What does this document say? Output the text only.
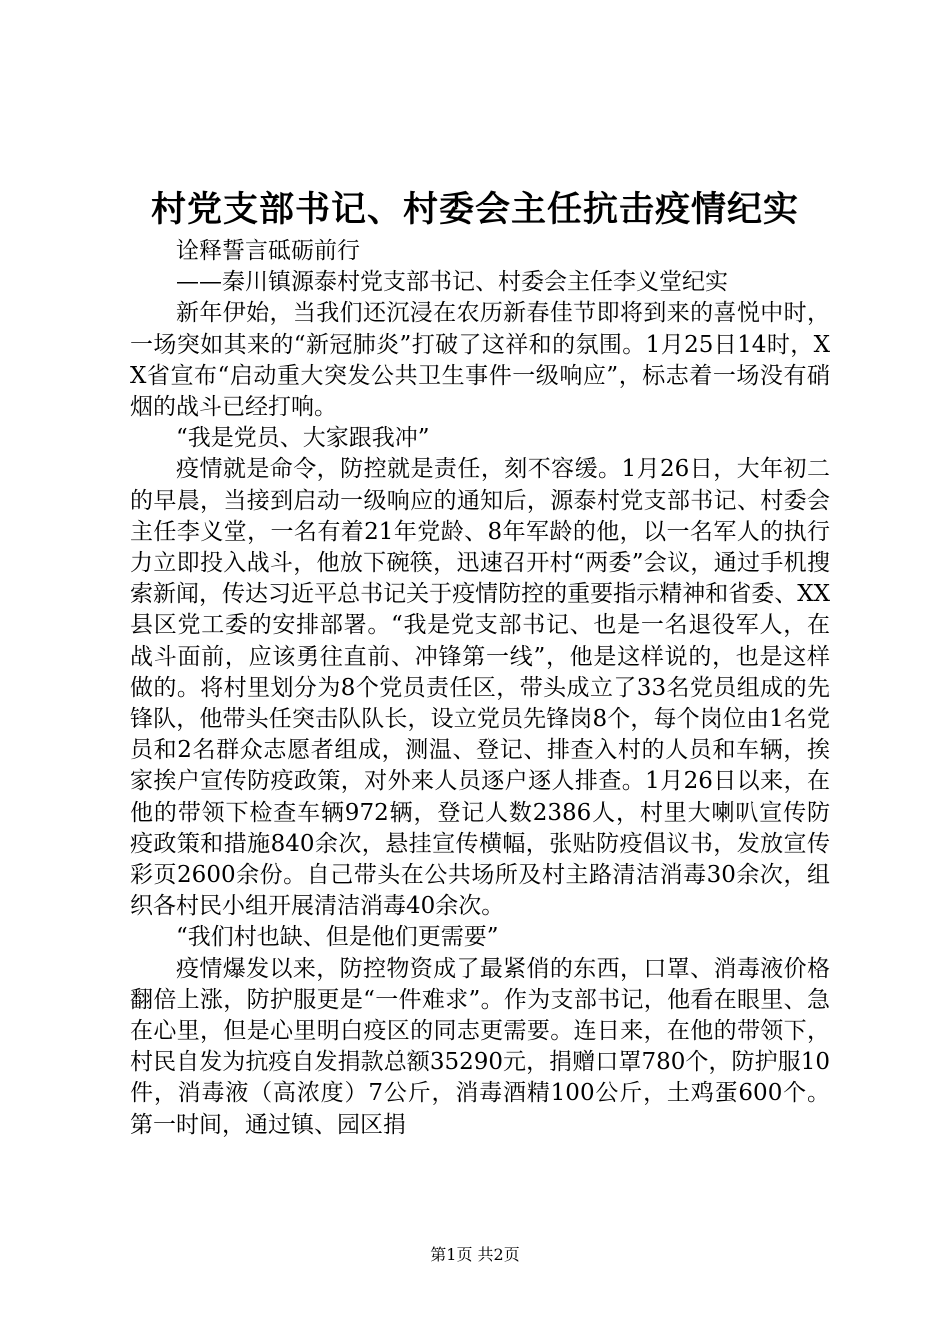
村党支部书记、村委会主任抗击疫情纪实

诠释誓言砥砺前行

——秦川镇源泰村党支部书记、村委会主任李义堂纪实

新年伊始，当我们还沉浸在农历新春佳节即将到来的喜悦中时，一场突如其来的“新冠肺炎”打破了这祥和的氛围。1月25日14时，XX省宣布“启动重大突发公共卫生事件一级响应”，标志着一场没有硝烟的战斗已经打响。

“我是党员、大家跟我冲”

疫情就是命令，防控就是责任，刻不容缓。1月26日，大年初二的早晨，当接到启动一级响应的通知后，源泰村党支部书记、村委会主任李义堂，一名有着21年党龄、8年军龄的他，以一名军人的执行力立即投入战斗，他放下碗筷，迅速召开村“两委”会议，通过手机搜索新闻，传达习近平总书记关于疫情防控的重要指示精神和省委、XX县区党工委的安排部署。“我是党支部书记、也是一名退役军人，在战斗面前，应该勇往直前、冲锋第一线”，他是这样说的，也是这样做的。将村里划分为8个党员责任区，带头成立了33名党员组成的先锋队，他带头任突击队队长，设立党员先锋岗8个，每个岗位由1名党员和2名群众志愿者组成，测温、登记、排查入村的人员和车辆，挨家挨户宣传防疫政策，对外来人员逐户逐人排查。1月26日以来，在他的带领下检查车辆972辆，登记人数2386人，村里大喇叭宣传防疫政策和措施840余次，悬挂宣传横幅，张贴防疫倡议书，发放宣传彩页2600余份。自己带头在公共场所及村主路清洁消毒30余次，组织各村民小组开展清洁消毒40余次。

“我们村也缺、但是他们更需要”

疫情爆发以来，防控物资成了最紧俏的东西，口罩、消毒液价格翻倍上涨，防护服更是“一件难求”。作为支部书记，他看在眼里、急在心里，但是心里明白疫区的同志更需要。连日来，在他的带领下，村民自发为抗疫自发捐款总额35290元，捐赠口罩780个，防护服10件，消毒液（高浓度）7公斤，消毒酒精100公斤，土鸡蛋600个。第一时间，通过镇、园区捐

第1页 共2页
